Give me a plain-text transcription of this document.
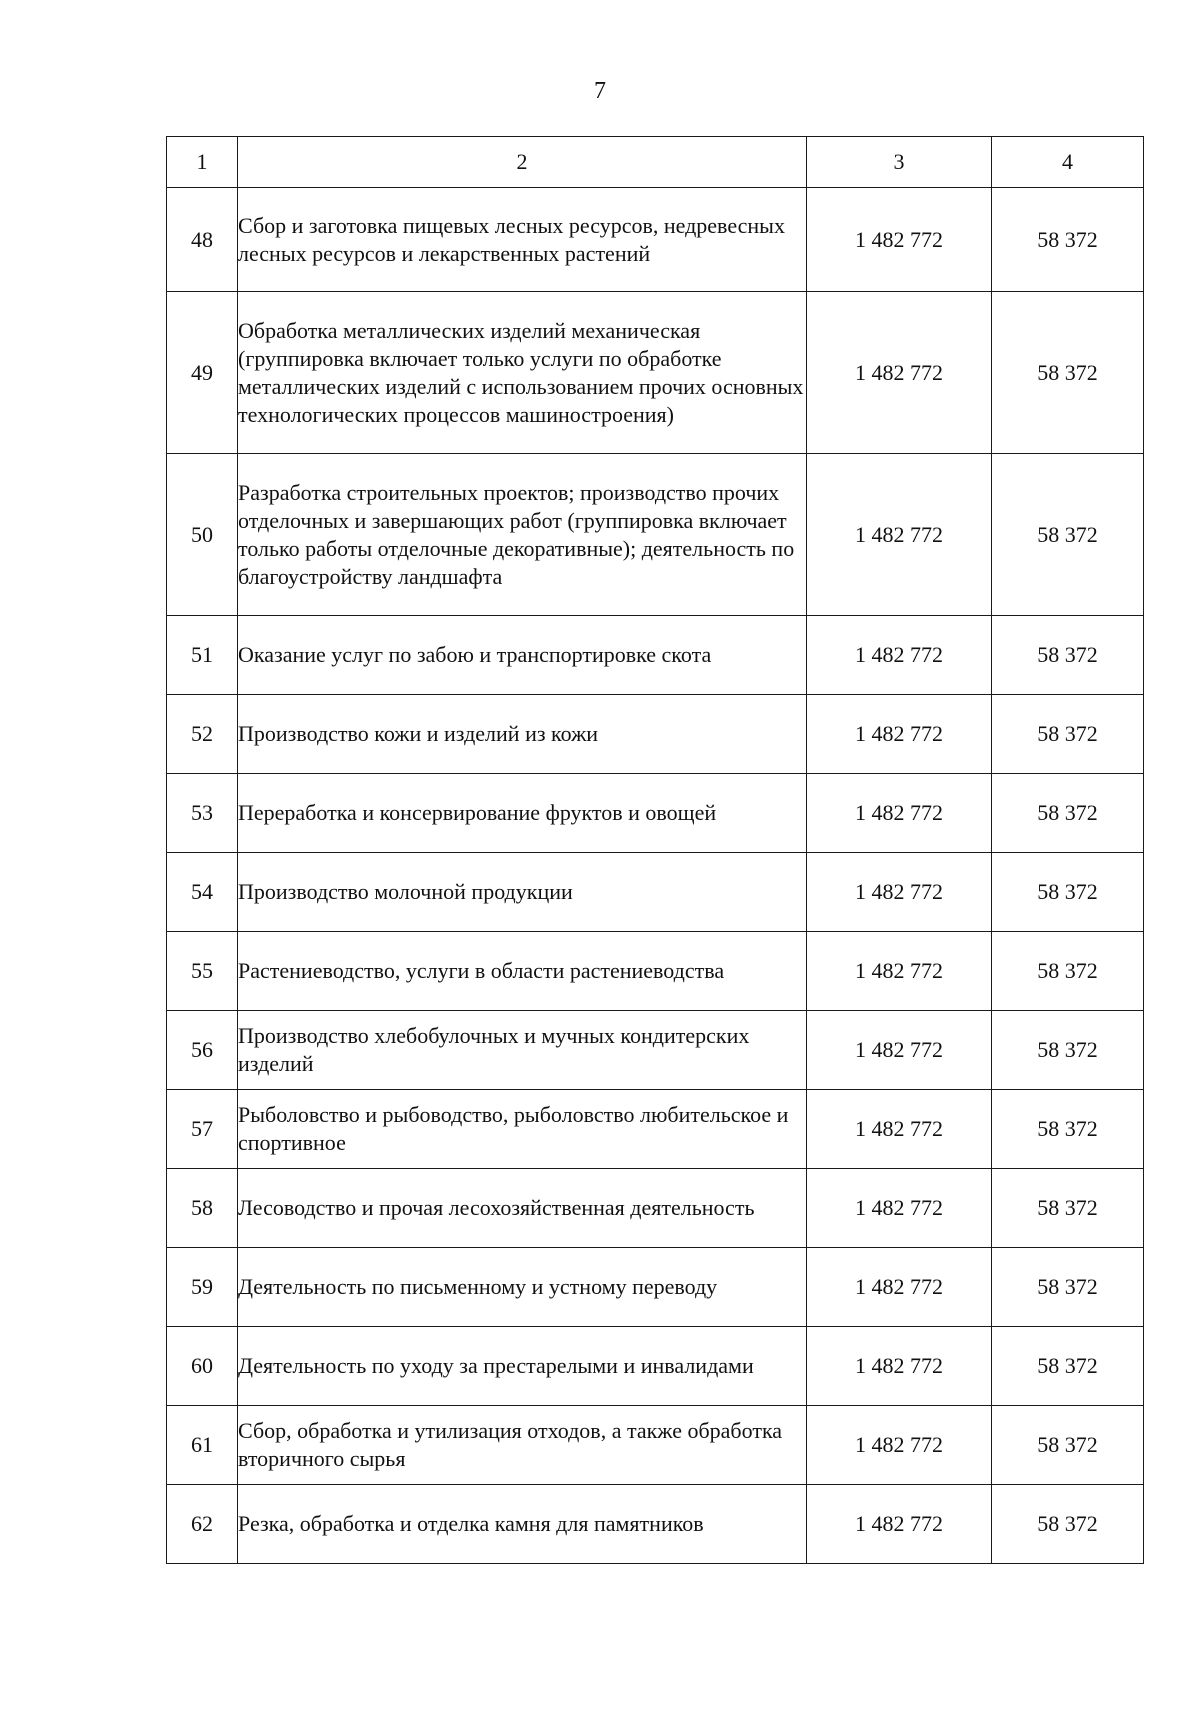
7
1	2	3	4
48	Сбор и заготовка пищевых лесных ресурсов, недревесных лесных ресурсов и лекарственных растений	1 482 772	58 372
49	Обработка металлических изделий механическая (группировка включает только услуги по обработке металлических изделий с использованием прочих основных технологических процессов машиностроения)	1 482 772	58 372
50	Разработка строительных проектов; производство прочих отделочных и завершающих работ (группировка включает только работы отделочные декоративные); деятельность по благоустройству ландшафта	1 482 772	58 372
51	Оказание услуг по забою и транспортировке скота	1 482 772	58 372
52	Производство кожи и изделий из кожи	1 482 772	58 372
53	Переработка и консервирование фруктов и овощей	1 482 772	58 372
54	Производство молочной продукции	1 482 772	58 372
55	Растениеводство, услуги в области растениеводства	1 482 772	58 372
56	Производство хлебобулочных и мучных кондитерских изделий	1 482 772	58 372
57	Рыболовство и рыбоводство, рыболовство любительское и спортивное	1 482 772	58 372
58	Лесоводство и прочая лесохозяйственная деятельность	1 482 772	58 372
59	Деятельность по письменному и устному переводу	1 482 772	58 372
60	Деятельность по уходу за престарелыми и инвалидами	1 482 772	58 372
61	Сбор, обработка и утилизация отходов, а также обработка вторичного сырья	1 482 772	58 372
62	Резка, обработка и отделка камня для памятников	1 482 772	58 372
